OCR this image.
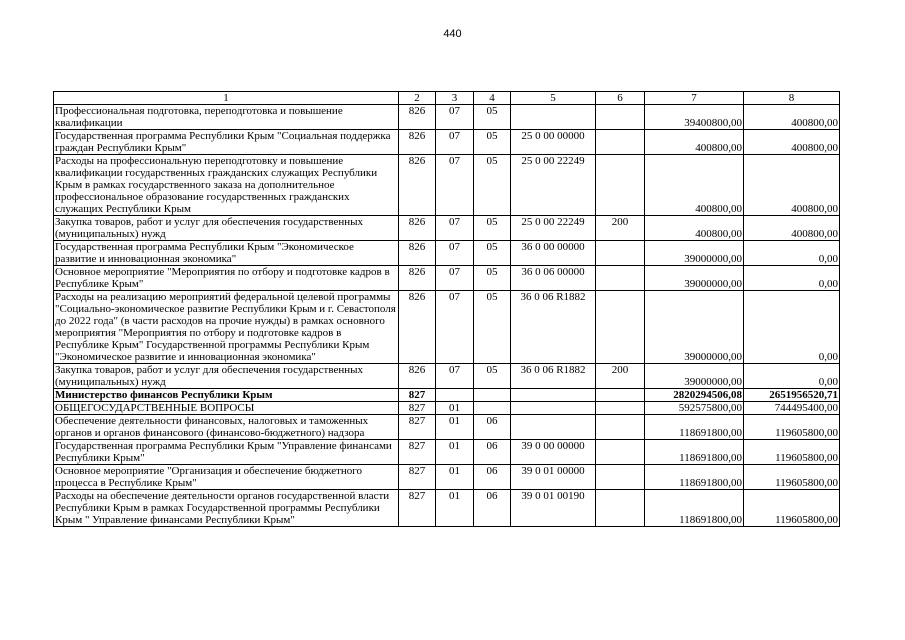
440
1	2	3	4	5	6	7	8
Профессиональная подготовка, переподготовка и повышение квалификации	826	07	05			39400800,00	400800,00
Государственная программа Республики Крым "Социальная поддержка граждан Республики Крым"	826	07	05	25 0 00 00000		400800,00	400800,00
Расходы на профессиональную переподготовку и повышение квалификации государственных гражданских служащих Республики Крым в рамках государственного заказа на дополнительное профессиональное образование государственных гражданских служащих Республики Крым	826	07	05	25 0 00 22249		400800,00	400800,00
Закупка товаров, работ и услуг для обеспечения государственных (муниципальных) нужд	826	07	05	25 0 00 22249	200	400800,00	400800,00
Государственная программа Республики Крым "Экономическое развитие и инновационная экономика"	826	07	05	36 0 00 00000		39000000,00	0,00
Основное мероприятие "Мероприятия по отбору и подготовке кадров в Республике Крым"	826	07	05	36 0 06 00000		39000000,00	0,00
Расходы на реализацию мероприятий федеральной целевой программы "Социально-экономическое развитие Республики Крым и г. Севастополя до 2022 года" (в части расходов на прочие нужды) в рамках основного мероприятия "Мероприятия по отбору и подготовке кадров в Республике Крым" Государственной программы Республики Крым "Экономическое развитие и инновационная экономика"	826	07	05	36 0 06 R1882		39000000,00	0,00
Закупка товаров, работ и услуг для обеспечения государственных (муниципальных) нужд	826	07	05	36 0 06 R1882	200	39000000,00	0,00
Министерство финансов Республики Крым	827					2820294506,08	2651956520,71
ОБЩЕГОСУДАРСТВЕННЫЕ ВОПРОСЫ	827	01				592575800,00	744495400,00
Обеспечение деятельности финансовых, налоговых и таможенных органов и органов финансового (финансово-бюджетного) надзора	827	01	06			118691800,00	119605800,00
Государственная программа Республики Крым "Управление финансами Республики Крым"	827	01	06	39 0 00 00000		118691800,00	119605800,00
Основное мероприятие "Организация и обеспечение бюджетного процесса в Республике Крым"	827	01	06	39 0 01 00000		118691800,00	119605800,00
Расходы на обеспечение деятельности органов государственной власти Республики Крым в рамках Государственной программы Республики Крым " Управление финансами Республики Крым"	827	01	06	39 0 01 00190		118691800,00	119605800,00
